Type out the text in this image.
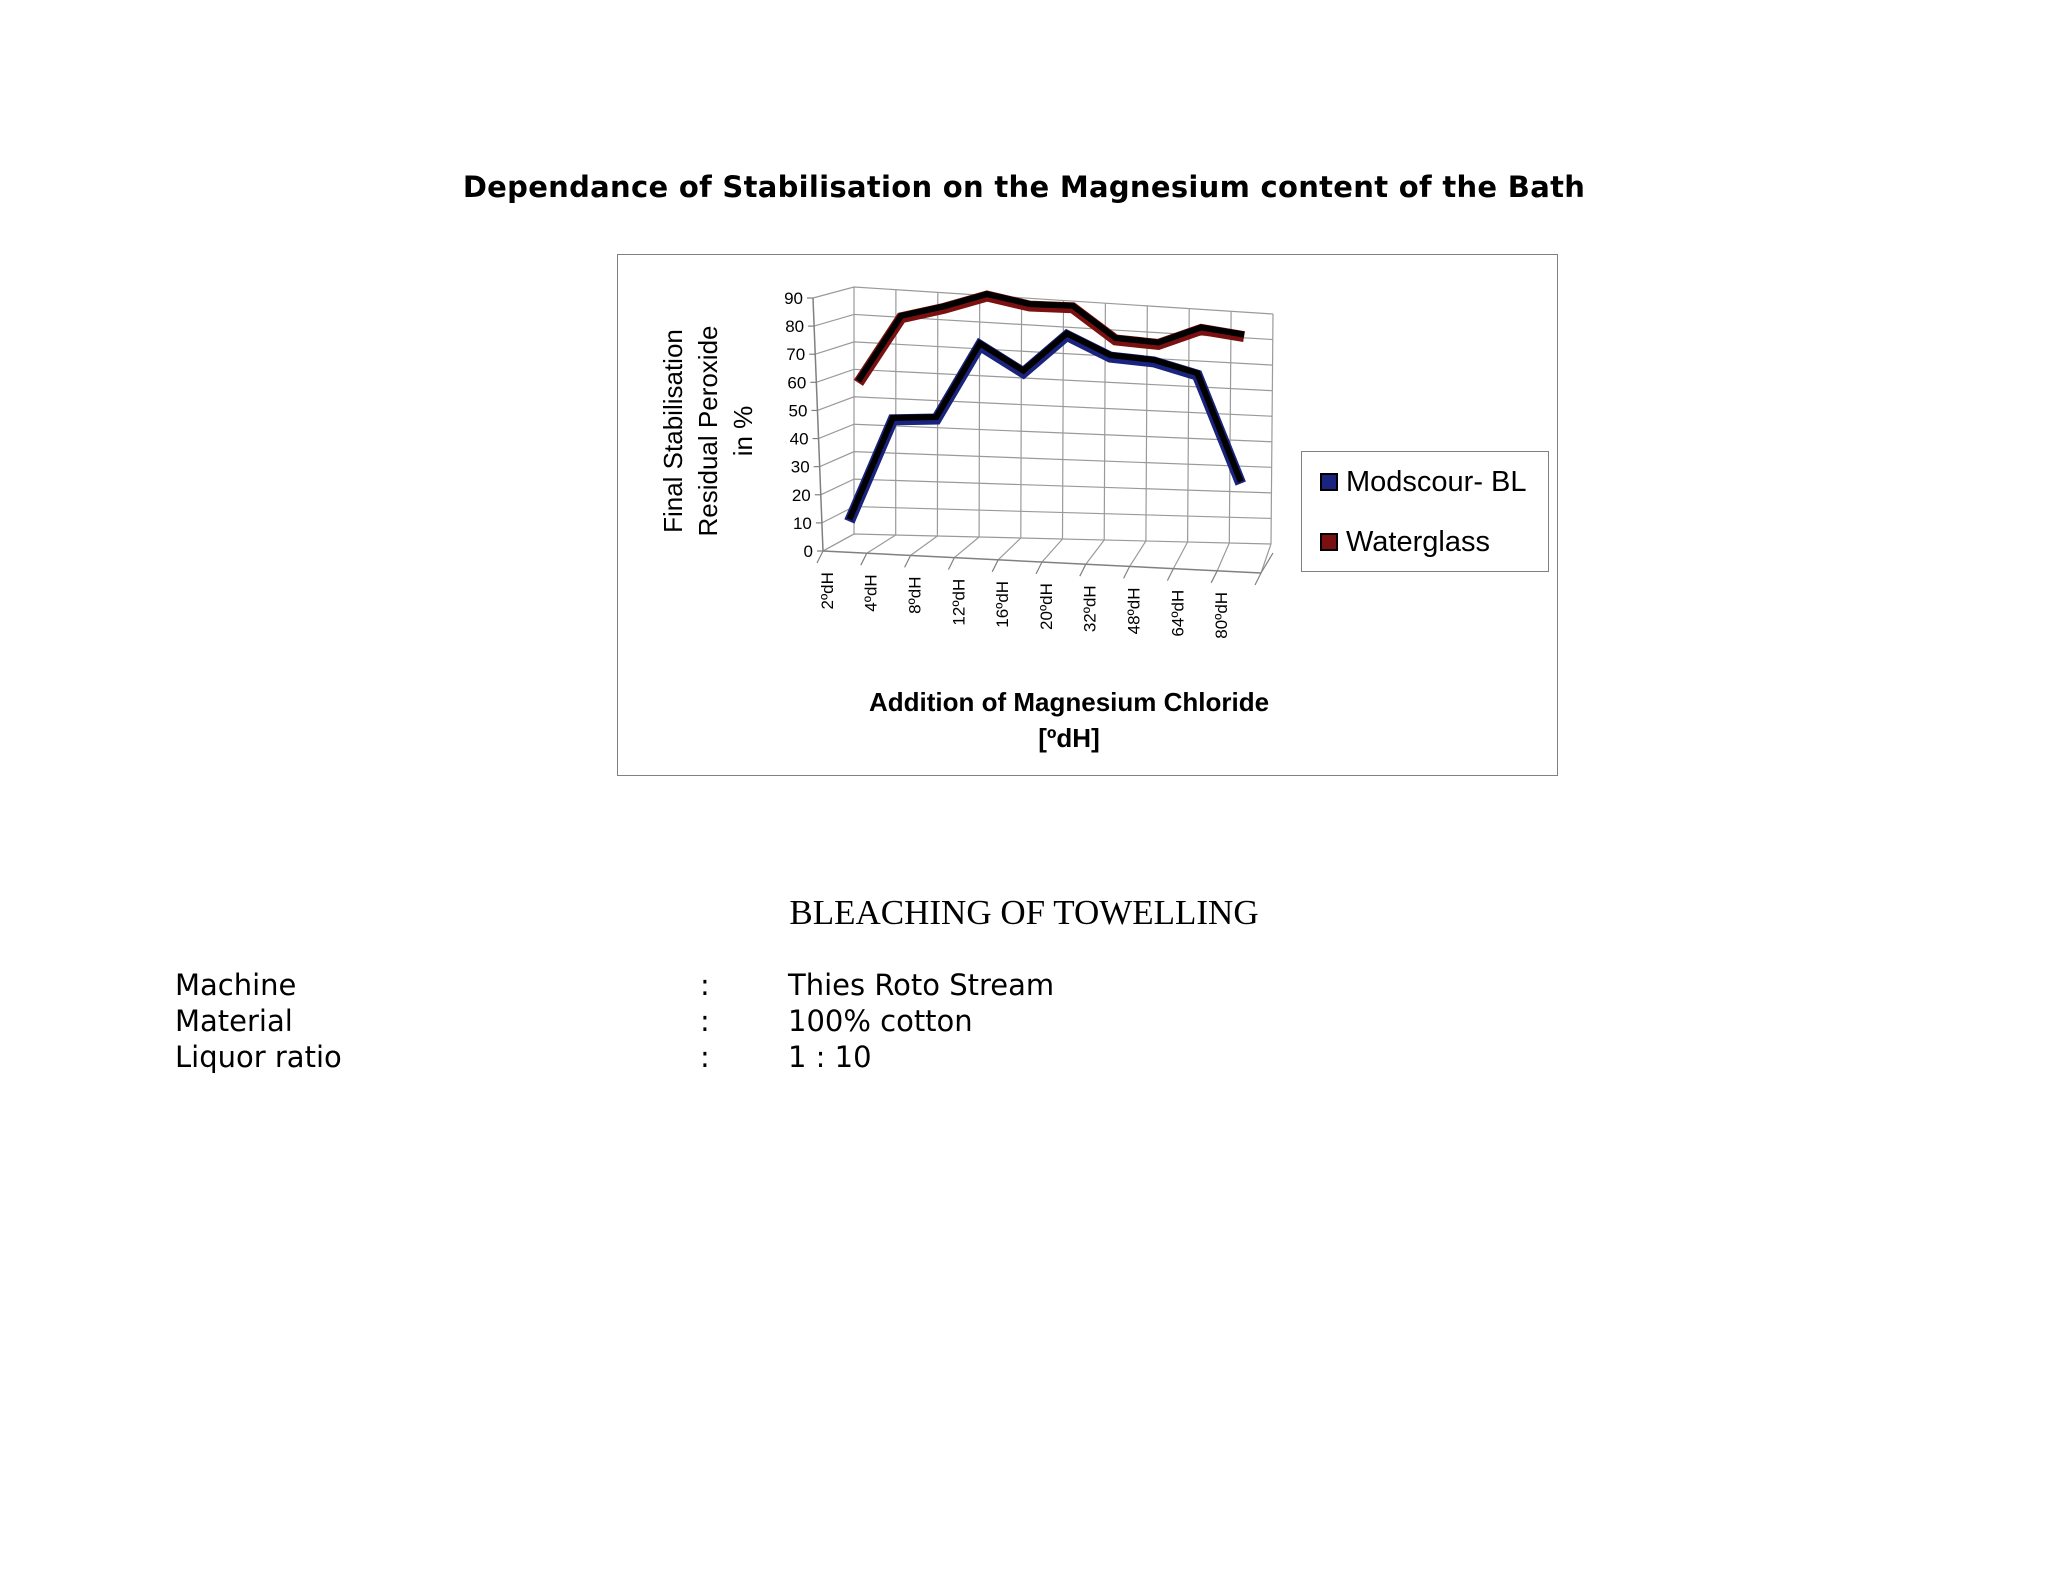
Dependance of Stabilisation on the Magnesium content of the Bath
0
10
20
30
40
50
60
70
80
90
2ºdH 4ºdH 8ºdH 12ºdH 16ºdH 20ºdH 32ºdH 48ºdH 64ºdH 80ºdH
Final Stabilisation Residual Peroxide in %
Addition of Magnesium Chloride
[ºdH]
Modscour- BL
Waterglass
BLEACHING OF TOWELLING
Machine	:	Thies Roto Stream
Material	:	100% cotton
Liquor ratio	:	1 : 10
